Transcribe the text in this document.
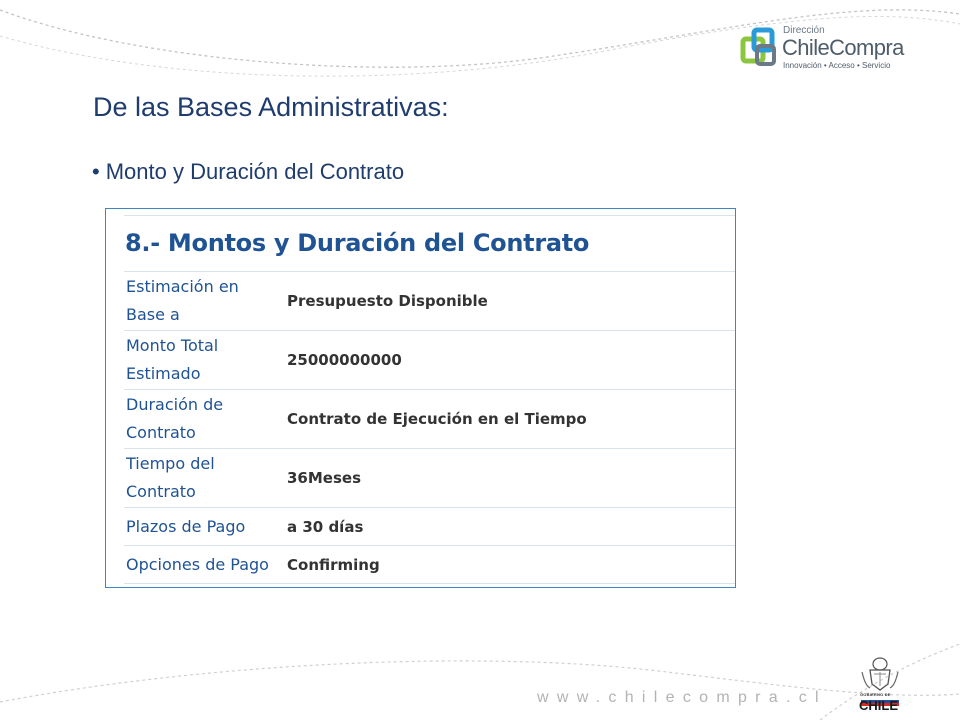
Dirección
ChileCompra
Innovación • Acceso • Servicio
De las Bases Administrativas:
• Monto y Duración del Contrato
8.- Montos y Duración del Contrato
Estimación en
Base a	Presupuesto Disponible

Monto Total
Estimado	25000000000

Duración de
Contrato	Contrato de Ejecución en el Tiempo

Tiempo del
Contrato	36Meses

Plazos de Pago	a 30 días

Opciones de Pago	Confirming
www.chilecompra.cl	GOBIERNO DE
CHILE
